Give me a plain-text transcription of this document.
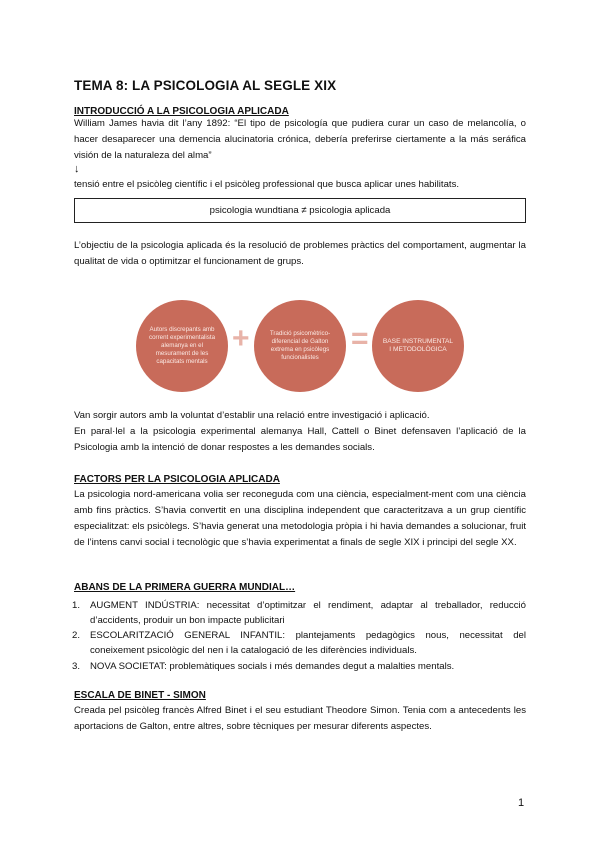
TEMA 8: LA PSICOLOGIA AL SEGLE XIX
INTRODUCCIÓ A LA PSICOLOGIA APLICADA
William James havia dit l’any 1892: “El tipo de psicología que pudiera curar un caso de melancolía, o hacer desaparecer una demencia alucinatoria crónica, debería preferirse ciertamente a la más seráfica visión de la naturaleza del alma”
↓
tensió entre el psicòleg científic i el psicòleg professional que busca aplicar unes habilitats.
psicologia wundtiana ≠ psicologia aplicada
L’objectiu de la psicologia aplicada és la resolució de problemes pràctics del comportament, augmentar la qualitat de vida o optimitzar el funcionament de grups.
Autors discrepants amb corrent experimentalista alemanya en el mesurament de les capacitats mentals
+	Tradició psicomètrico-diferencial de Galton extrema en psicòlegs funcionalistes
=	BASE INSTRUMENTAL I METODOLÒGICA
Van sorgir autors amb la voluntat d’establir una relació entre investigació i aplicació.
En paral·lel a la psicologia experimental alemanya Hall, Cattell o Binet defensaven l’aplicació de la Psicologia amb la intenció de donar respostes a les demandes socials.
FACTORS PER LA PSICOLOGIA APLICADA
La psicologia nord-americana volia ser reconeguda com una ciència, especialment-ment com una ciència amb fins pràctics. S’havia convertit en una disciplina independent que caracteritzava a un grup científic especialitzat: els psicòlegs. S’havia generat una metodologia pròpia i hi havia demandes a solucionar, fruit de l’intens canvi social i tecnològic que s’havia experimentat a finals de segle XIX i principi del segle XX.
ABANS DE LA PRIMERA GUERRA MUNDIAL…
1. AUGMENT INDÚSTRIA: necessitat d’optimitzar el rendiment, adaptar al treballador, reducció d’accidents, produir un bon impacte publicitari
2. ESCOLARITZACIÓ GENERAL INFANTIL: plantejaments pedagògics nous, necessitat del coneixement psicològic del nen i la catalogació de les diferències individuals.
3. NOVA SOCIETAT: problemàtiques socials i més demandes degut a malalties mentals.
ESCALA DE BINET - SIMON
Creada pel psicòleg francès Alfred Binet i el seu estudiant Theodore Simon. Tenia com a antecedents les aportacions de Galton, entre altres, sobre tècniques per mesurar diferents aspectes.
1
